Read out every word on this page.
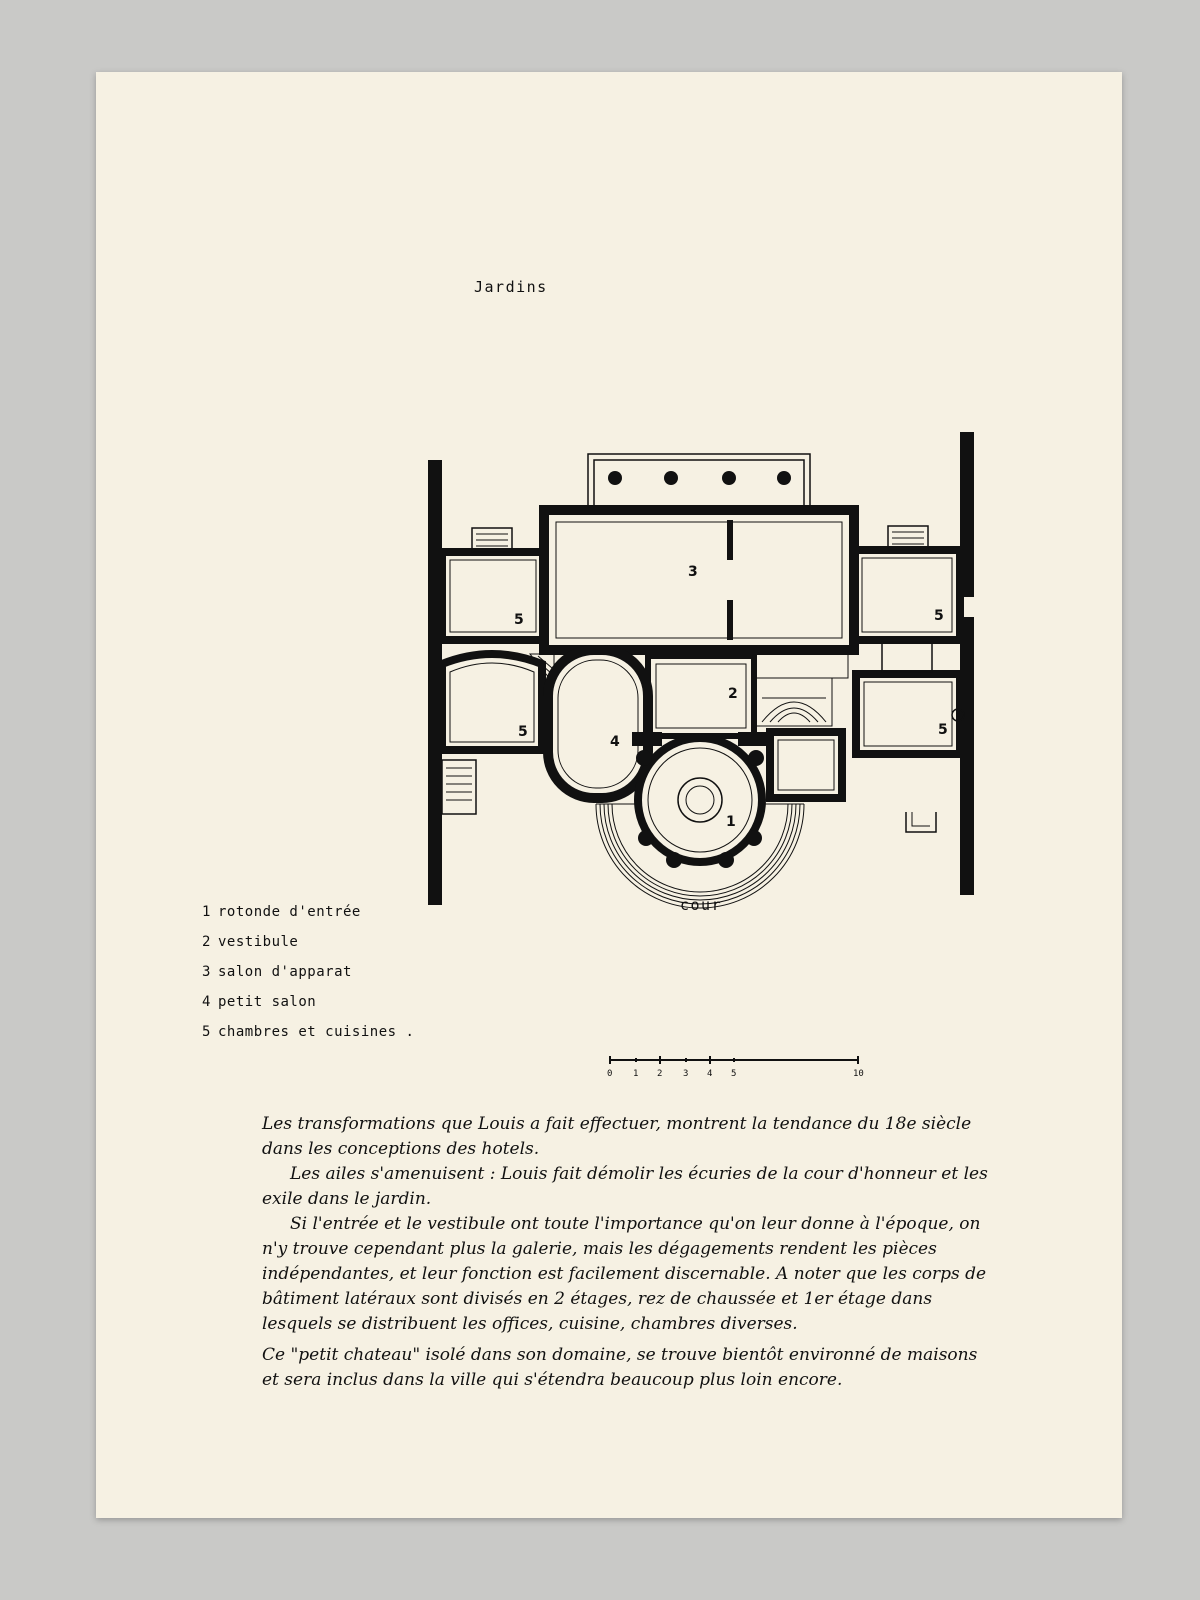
Jardins
3
5	5
2
5
4
5
1
cour
1 rotonde d'entrée
2 vestibule
3 salon d'apparat
4 petit salon
5 chambres et cuisines .
0 1 2 3 4 5	10

Les transformations que Louis a fait effectuer, montrent la tendance du 18e siècle dans les conceptions des hotels.

Les ailes s'amenuisent : Louis fait démolir les écuries de la cour d'honneur et les exile dans le jardin.

Si l'entrée et le vestibule ont toute l'importance qu'on leur donne à l'époque, on n'y trouve cependant plus la galerie, mais les dégagements rendent les pièces indépendantes, et leur fonction est facilement discernable. A noter que les corps de bâtiment latéraux sont divisés en 2 étages, rez de chaussée et 1er étage dans lesquels se distribuent les offices, cuisine, chambres diverses.

Ce "petit chateau" isolé dans son domaine, se trouve bientôt environné de maisons et sera inclus dans la ville qui s'étendra beaucoup plus loin encore.
